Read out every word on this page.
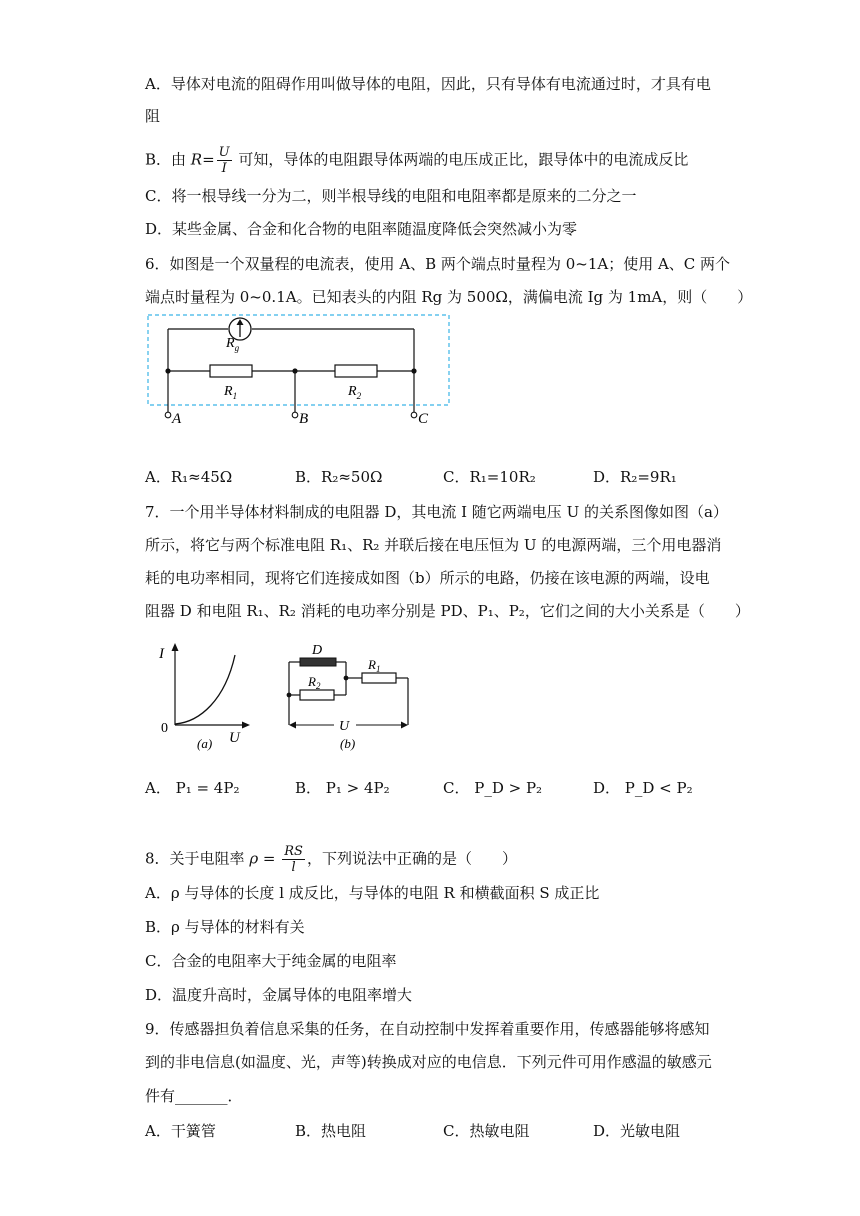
A．导体对电流的阻碍作用叫做导体的电阻，因此，只有导体有电流通过时，才具有电
阻
B．由 $R= \frac{U}{I}$ 可知，导体的电阻跟导体两端的电压成正比，跟导体中的电流成反比
C．将一根导线一分为二，则半根导线的电阻和电阻率都是原来的二分之一
D．某些金属、合金和化合物的电阻率随温度降低会突然减小为零
6．如图是一个双量程的电流表，使用 A、B 两个端点时量程为 0~1A；使用 A、C 两个
端点时量程为 0~0.1A。已知表头的内阻 Rg 为 500Ω，满偏电流 Ig 为 1mA，则（　　）
$R_g$
$R_1$	$R_2$
A	B	C
A．R₁≈45Ω	B．R₂≈50Ω	C．R₁=10R₂	D．R₂=9R₁
7．一个用半导体材料制成的电阻器 D，其电流 I 随它两端电压 U 的关系图像如图（a）
所示，将它与两个标准电阻 R₁、R₂ 并联后接在电压恒为 U 的电源两端，三个用电器消
耗的电功率相同，现将它们连接成如图（b）所示的电路，仍接在该电源的两端，设电
阻器 D 和电阻 R₁、R₂ 消耗的电功率分别是 PD、P₁、P₂，它们之间的大小关系是（　　）
I
0
U
(a)
D
$R_1$
$R_2$
U
(b)
A． P₁ = 4P₂	B． P₁ > 4P₂	C． P_D > P₂	D． P_D < P₂
8．关于电阻率 $\rho = \frac{RS}{l}$ ，下列说法中正确的是（　　）
A．ρ 与导体的长度 l 成反比，与导体的电阻 R 和横截面积 S 成正比
B．ρ 与导体的材料有关
C．合金的电阻率大于纯金属的电阻率
D．温度升高时，金属导体的电阻率增大
9．传感器担负着信息采集的任务，在自动控制中发挥着重要作用，传感器能够将感知
到的非电信息(如温度、光，声等)转换成对应的电信息．下列元件可用作感温的敏感元
件有_______．
A．干簧管	B．热电阻	C．热敏电阻	D．光敏电阻
